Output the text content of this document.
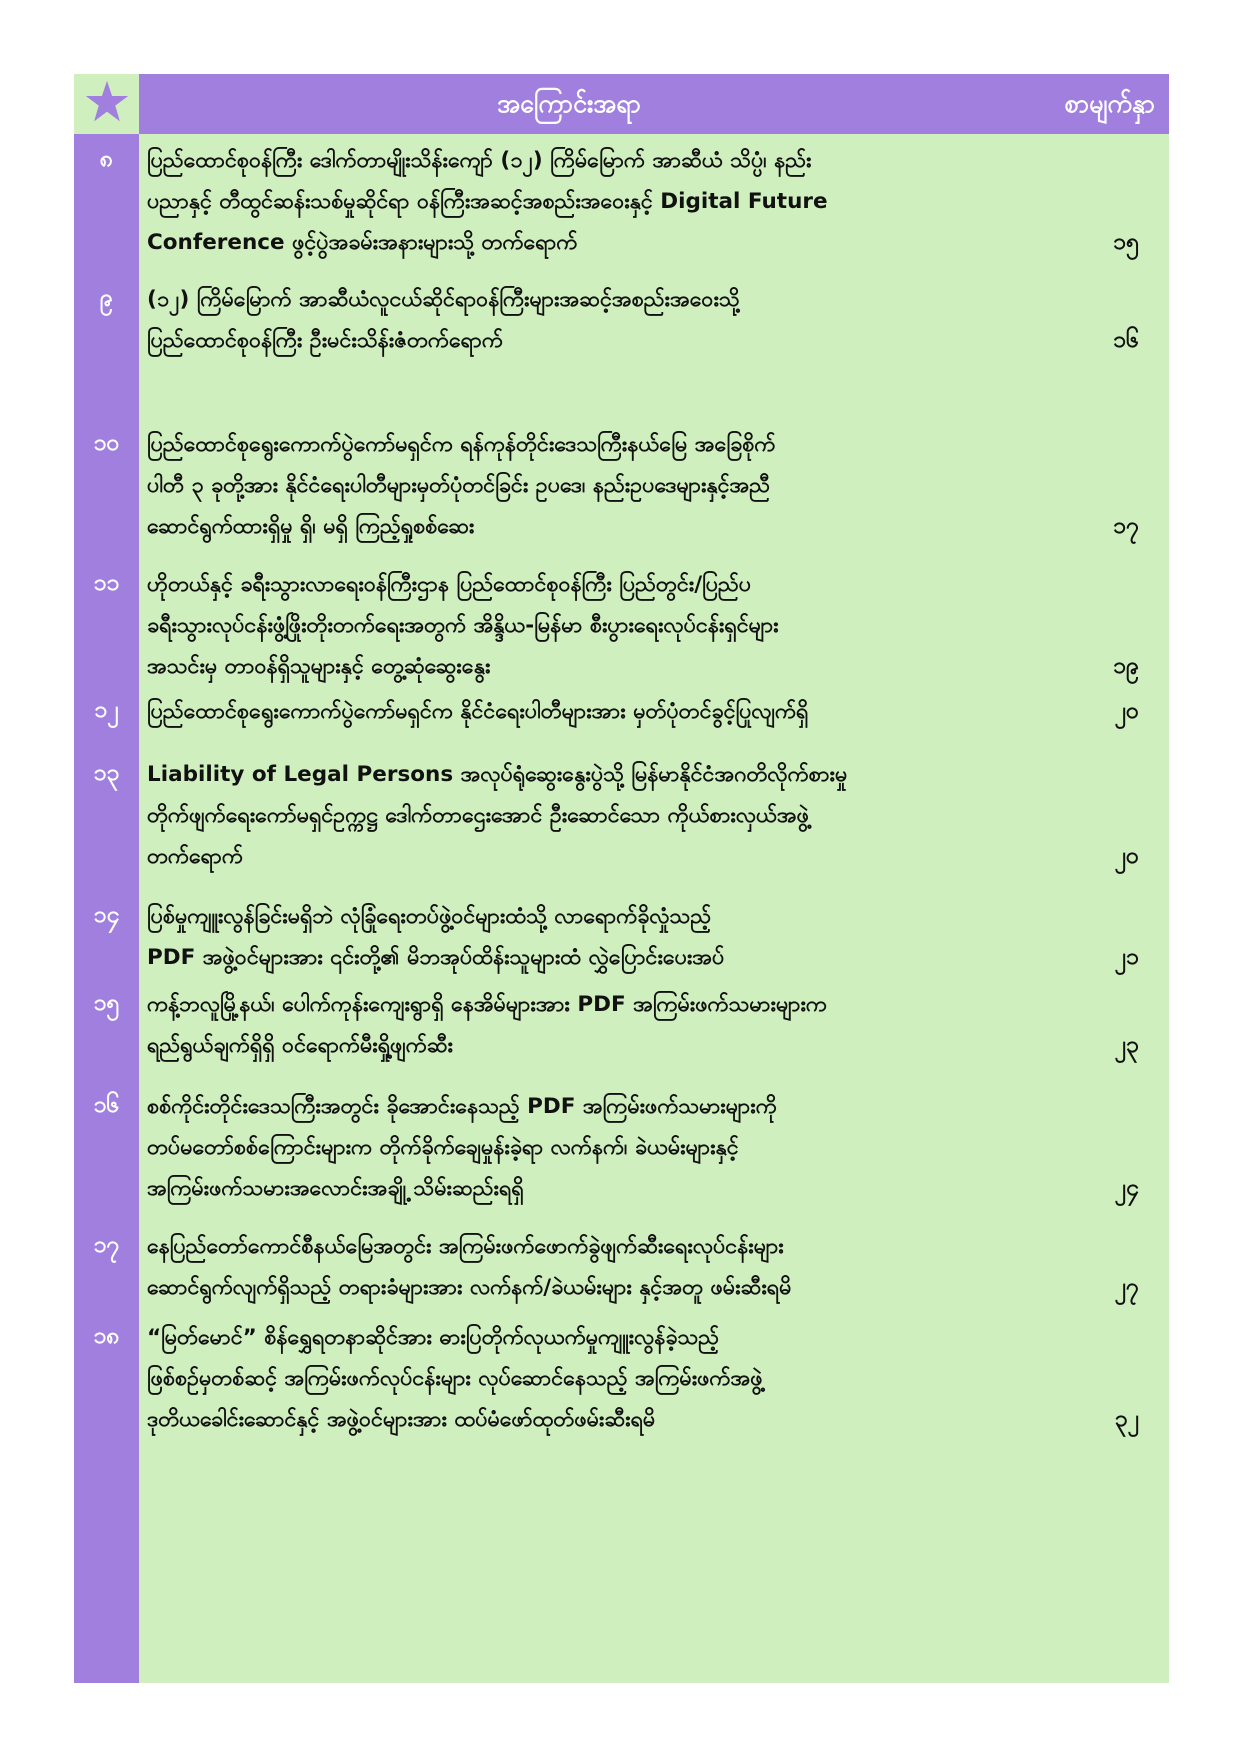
အကြောင်းအရာ	စာမျက်နှာ
၈	ပြည်ထောင်စုဝန်ကြီး ဒေါက်တာမျိုးသိန်းကျော် (၁၂) ကြိမ်မြောက် အာဆီယံ သိပ္ပံ၊ နည်း
ပညာနှင့် တီထွင်ဆန်းသစ်မှုဆိုင်ရာ ဝန်ကြီးအဆင့်အစည်းအဝေးနှင့် Digital Future
Conference ဖွင့်ပွဲအခမ်းအနားများသို့ တက်ရောက်	၁၅
၉	(၁၂) ကြိမ်မြောက် အာဆီယံလူငယ်ဆိုင်ရာဝန်ကြီးများအဆင့်အစည်းအဝေးသို့
ပြည်ထောင်စုဝန်ကြီး ဦးမင်းသိန်းဇံတက်ရောက်	၁၆
၁၀	ပြည်ထောင်စုရွေးကောက်ပွဲကော်မရှင်က ရန်ကုန်တိုင်းဒေသကြီးနယ်မြေ အခြေစိုက်
ပါတီ ၃ ခုတို့အား နိုင်ငံရေးပါတီများမှတ်ပုံတင်ခြင်း ဥပဒေ၊ နည်းဥပဒေများနှင့်အညီ
ဆောင်ရွက်ထားရှိမှု ရှိ၊ မရှိ ကြည့်ရှုစစ်ဆေး	၁၇
၁၁	ဟိုတယ်နှင့် ခရီးသွားလာရေးဝန်ကြီးဌာန ပြည်ထောင်စုဝန်ကြီး ပြည်တွင်း/ပြည်ပ
ခရီးသွားလုပ်ငန်းဖွံ့ဖြိုးတိုးတက်ရေးအတွက် အိန္ဒိယ-မြန်မာ စီးပွားရေးလုပ်ငန်းရှင်များ
အသင်းမှ တာဝန်ရှိသူများနှင့် တွေ့ဆုံဆွေးနွေး	၁၉
၁၂	ပြည်ထောင်စုရွေးကောက်ပွဲကော်မရှင်က နိုင်ငံရေးပါတီများအား မှတ်ပုံတင်ခွင့်ပြုလျက်ရှိ	၂၀
၁၃	Liability of Legal Persons အလုပ်ရုံဆွေးနွေးပွဲသို့ မြန်မာနိုင်ငံအဂတိလိုက်စားမှု
တိုက်ဖျက်ရေးကော်မရှင်ဥက္ကဋ္ဌ ဒေါက်တာဌေးအောင် ဦးဆောင်သော ကိုယ်စားလှယ်အဖွဲ့
တက်ရောက်	၂၀
၁၄	ပြစ်မှုကျူးလွန်ခြင်းမရှိဘဲ လုံခြုံရေးတပ်ဖွဲ့ဝင်များထံသို့ လာရောက်ခိုလှုံသည့်
PDF အဖွဲ့ဝင်များအား ၎င်းတို့၏ မိဘအုပ်ထိန်းသူများထံ လွှဲပြောင်းပေးအပ်	၂၁
၁၅	ကန့်ဘလူမြို့နယ်၊ ပေါက်ကုန်းကျေးရွာရှိ နေအိမ်များအား PDF အကြမ်းဖက်သမားများက
ရည်ရွယ်ချက်ရှိရှိ ဝင်ရောက်မီးရှို့ဖျက်ဆီး	၂၃
၁၆	စစ်ကိုင်းတိုင်းဒေသကြီးအတွင်း ခိုအောင်းနေသည့် PDF အကြမ်းဖက်သမားများကို
တပ်မတော်စစ်ကြောင်းများက တိုက်ခိုက်ချေမှုန်းခဲ့ရာ လက်နက်၊ ခဲယမ်းများနှင့်
အကြမ်းဖက်သမားအလောင်းအချို့ သိမ်းဆည်းရရှိ	၂၄
၁၇	နေပြည်တော်ကောင်စီနယ်မြေအတွင်း အကြမ်းဖက်ဖောက်ခွဲဖျက်ဆီးရေးလုပ်ငန်းများ
ဆောင်ရွက်လျက်ရှိသည့် တရားခံများအား လက်နက်/ခဲယမ်းများ နှင့်အတူ ဖမ်းဆီးရမိ	၂၇
၁၈	“မြတ်မောင်” စိန်ရွှေရတနာဆိုင်အား ဓားပြတိုက်လုယက်မှုကျူးလွန်ခဲ့သည့်
ဖြစ်စဉ်မှတစ်ဆင့် အကြမ်းဖက်လုပ်ငန်းများ လုပ်ဆောင်နေသည့် အကြမ်းဖက်အဖွဲ့
ဒုတိယခေါင်းဆောင်နှင့် အဖွဲ့ဝင်များအား ထပ်မံဖော်ထုတ်ဖမ်းဆီးရမိ	၃၂
